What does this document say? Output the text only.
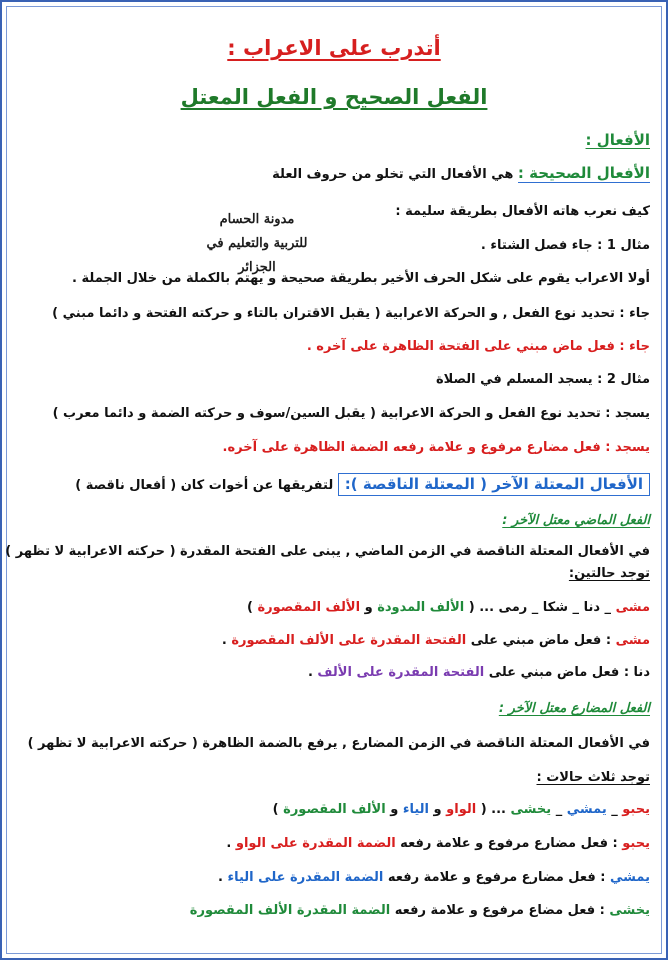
أتدرب على الاعراب :
الفعل الصحيح و الفعل المعتل
مدونة الحسام
للتربية والتعليم في
الجزائر
الأفعال :
الأفعال الصحيحة : هي الأفعال التي تخلو من حروف العلة
كيف نعرب هاته الأفعال بطريقة سليمة :
مثال 1 : جاء فصل الشتاء .
أولا الاعراب يقوم على شكل الحرف الأخير بطريقة صحيحة و يهتم بالكملة من خلال الجملة .
جاء : تحديد نوع الفعل , و الحركة الاعرابية ( يقبل الاقتران بالتاء و حركته الفتحة و دائما مبني )
جاء : فعل ماض مبني على الفتحة الظاهرة على آخره .
مثال 2 : يسجد المسلم في الصلاة
يسجد : تحديد نوع الفعل و الحركة الاعرابية ( يقبل السين/سوف و حركته الضمة و دائما معرب )
يسجد : فعل مضارع مرفوع و علامة رفعه الضمة الظاهرة على آخره.
الأفعال المعتلة الآخر ( المعتلة الناقصة ): لتفريقها عن أخوات كان ( أفعال ناقصة )
الفعل الماضي معتل الآخر :
في الأفعال المعتلة الناقصة في الزمن الماضي , يبنى على الفتحة المقدرة ( حركته الاعرابية لا تظهر )
توجد حالتين:
مشى _ دنا _ شكا _ رمى ... ( الألف المدودة و الألف المقصورة )
مشى : فعل ماض مبني على الفتحة المقدرة على الألف المقصورة .
دنا : فعل ماض مبني على الفتحة المقدرة على الألف .
الفعل المضارع معتل الآخر :
في الأفعال المعتلة الناقصة في الزمن المضارع , يرفع بالضمة الظاهرة ( حركته الاعرابية لا تظهر )
توجد ثلاث حالات :
يحبو _ يمشي _ يخشى ... ( الواو و الياء و الألف المقصورة )
يحبو : فعل مضارع مرفوع و علامة رفعه الضمة المقدرة على الواو .
يمشي : فعل مضارع مرفوع و علامة رفعه الضمة المقدرة على الياء .
يخشى : فعل مضاع مرفوع و علامة رفعه الضمة المقدرة الألف المقصورة
